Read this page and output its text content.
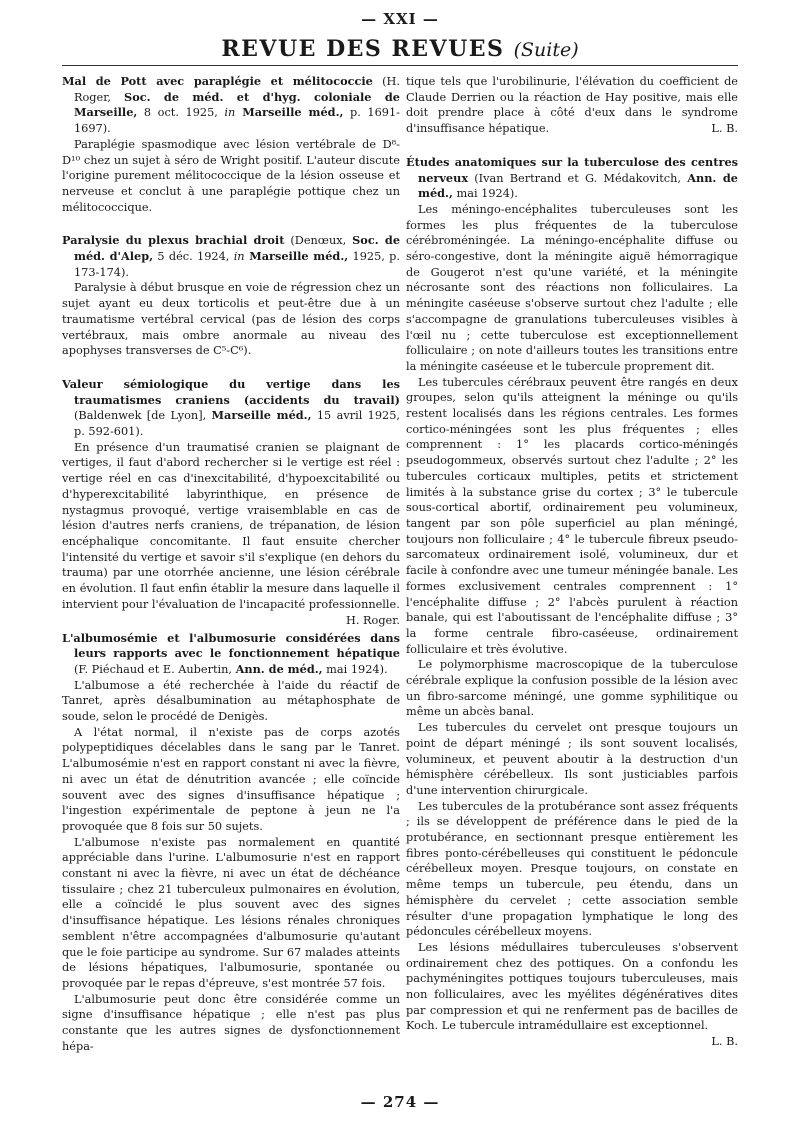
— XXI —
REVUE DES REVUES (Suite)

Mal de Pott avec paraplégie et mélitococcie (H. Roger, Soc. de méd. et d'hyg. coloniale de Marseille, 8 oct. 1925, in Marseille méd., p. 1691-1697).

Paraplégie spasmodique avec lésion vertébrale de D⁸-D¹⁰ chez un sujet à séro de Wright positif. L'auteur discute l'origine purement mélitococcique de la lésion osseuse et nerveuse et conclut à une paraplégie pottique chez un mélitococcique.

Paralysie du plexus brachial droit (Denœux, Soc. de méd. d'Alep, 5 déc. 1924, in Marseille méd., 1925, p. 173-174).

Paralysie à début brusque en voie de régression chez un sujet ayant eu deux torticolis et peut-être due à un traumatisme vertébral cervical (pas de lésion des corps vertébraux, mais ombre anormale au niveau des apophyses transverses de C⁵-C⁶).

Valeur sémiologique du vertige dans les traumatismes craniens (accidents du travail) (Baldenwek [de Lyon], Marseille méd., 15 avril 1925, p. 592-601).

En présence d'un traumatisé cranien se plaignant de vertiges, il faut d'abord rechercher si le vertige est réel : vertige réel en cas d'inexcitabilité, d'hypoexcitabilité ou d'hyperexcitabilité labyrinthique, en présence de nystagmus provoqué, vertige vraisemblable en cas de lésion d'autres nerfs craniens, de trépanation, de lésion encéphalique concomitante. Il faut ensuite chercher l'intensité du vertige et savoir s'il s'explique (en dehors du trauma) par une otorrhée ancienne, une lésion cérébrale en évolution. Il faut enfin établir la mesure dans laquelle il intervient pour l'évaluation de l'incapacité professionnelle.
H. Roger.

L'albumosémie et l'albumosurie considérées dans leurs rapports avec le fonctionnement hépatique (F. Piéchaud et E. Aubertin, Ann. de méd., mai 1924).

L'albumose a été recherchée à l'aide du réactif de Tanret, après désalbumination au métaphosphate de soude, selon le procédé de Denigès.

A l'état normal, il n'existe pas de corps azotés polypeptidiques décelables dans le sang par le Tanret. L'albumosémie n'est en rapport constant ni avec la fièvre, ni avec un état de dénutrition avancée ; elle coïncide souvent avec des signes d'insuffisance hépatique ; l'ingestion expérimentale de peptone à jeun ne l'a provoquée que 8 fois sur 50 sujets.

L'albumose n'existe pas normalement en quantité appréciable dans l'urine. L'albumosurie n'est en rapport constant ni avec la fièvre, ni avec un état de déchéance tissulaire ; chez 21 tuberculeux pulmonaires en évolution, elle a coïncidé le plus souvent avec des signes d'insuffisance hépatique. Les lésions rénales chroniques semblent n'être accompagnées d'albumosurie qu'autant que le foie participe au syndrome. Sur 67 malades atteints de lésions hépatiques, l'albumosurie, spontanée ou provoquée par le repas d'épreuve, s'est montrée 57 fois.

L'albumosurie peut donc être considérée comme un signe d'insuffisance hépatique ; elle n'est pas plus constante que les autres signes de dysfonctionnement hépa-

tique tels que l'urobilinurie, l'élévation du coefficient de Claude Derrien ou la réaction de Hay positive, mais elle doit prendre place à côté d'eux dans le syndrome d'insuffisance hépatique.	L. B.

Études anatomiques sur la tuberculose des centres nerveux (Ivan Bertrand et G. Médakovitch, Ann. de méd., mai 1924).

Les méningo-encéphalites tuberculeuses sont les formes les plus fréquentes de la tuberculose cérébroméningée. La méningo-encéphalite diffuse ou séro-congestive, dont la méningite aiguë hémorragique de Gougerot n'est qu'une variété, et la méningite nécrosante sont des réactions non folliculaires. La méningite caséeuse s'observe surtout chez l'adulte ; elle s'accompagne de granulations tuberculeuses visibles à l'œil nu ; cette tuberculose est exceptionnellement folliculaire ; on note d'ailleurs toutes les transitions entre la méningite caséeuse et le tubercule proprement dit.

Les tubercules cérébraux peuvent être rangés en deux groupes, selon qu'ils atteignent la méninge ou qu'ils restent localisés dans les régions centrales. Les formes cortico-méningées sont les plus fréquentes ; elles comprennent : 1° les placards cortico-méningés pseudogommeux, observés surtout chez l'adulte ; 2° les tubercules corticaux multiples, petits et strictement limités à la substance grise du cortex ; 3° le tubercule sous-cortical abortif, ordinairement peu volumineux, tangent par son pôle superficiel au plan méningé, toujours non folliculaire ; 4° le tubercule fibreux pseudo-sarcomateux ordinairement isolé, volumineux, dur et facile à confondre avec une tumeur méningée banale. Les formes exclusivement centrales comprennent : 1° l'encéphalite diffuse ; 2° l'abcès purulent à réaction banale, qui est l'aboutissant de l'encéphalite diffuse ; 3° la forme centrale fibro-caséeuse, ordinairement folliculaire et très évolutive.

Le polymorphisme macroscopique de la tuberculose cérébrale explique la confusion possible de la lésion avec un fibro-sarcome méningé, une gomme syphilitique ou même un abcès banal.

Les tubercules du cervelet ont presque toujours un point de départ méningé ; ils sont souvent localisés, volumineux, et peuvent aboutir à la destruction d'un hémisphère cérébelleux. Ils sont justiciables parfois d'une intervention chirurgicale.

Les tubercules de la protubérance sont assez fréquents ; ils se développent de préférence dans le pied de la protubérance, en sectionnant presque entièrement les fibres ponto-cérébelleuses qui constituent le pédoncule cérébelleux moyen. Presque toujours, on constate en même temps un tubercule, peu étendu, dans un hémisphère du cervelet ; cette association semble résulter d'une propagation lymphatique le long des pédoncules cérébelleux moyens.

Les lésions médullaires tuberculeuses s'observent ordinairement chez des pottiques. On a confondu les pachyméningites pottiques toujours tuberculeuses, mais non folliculaires, avec les myélites dégénératives dites par compression et qui ne renferment pas de bacilles de Koch. Le tubercule intramédullaire est exceptionnel.

L. B.

— 274 —
